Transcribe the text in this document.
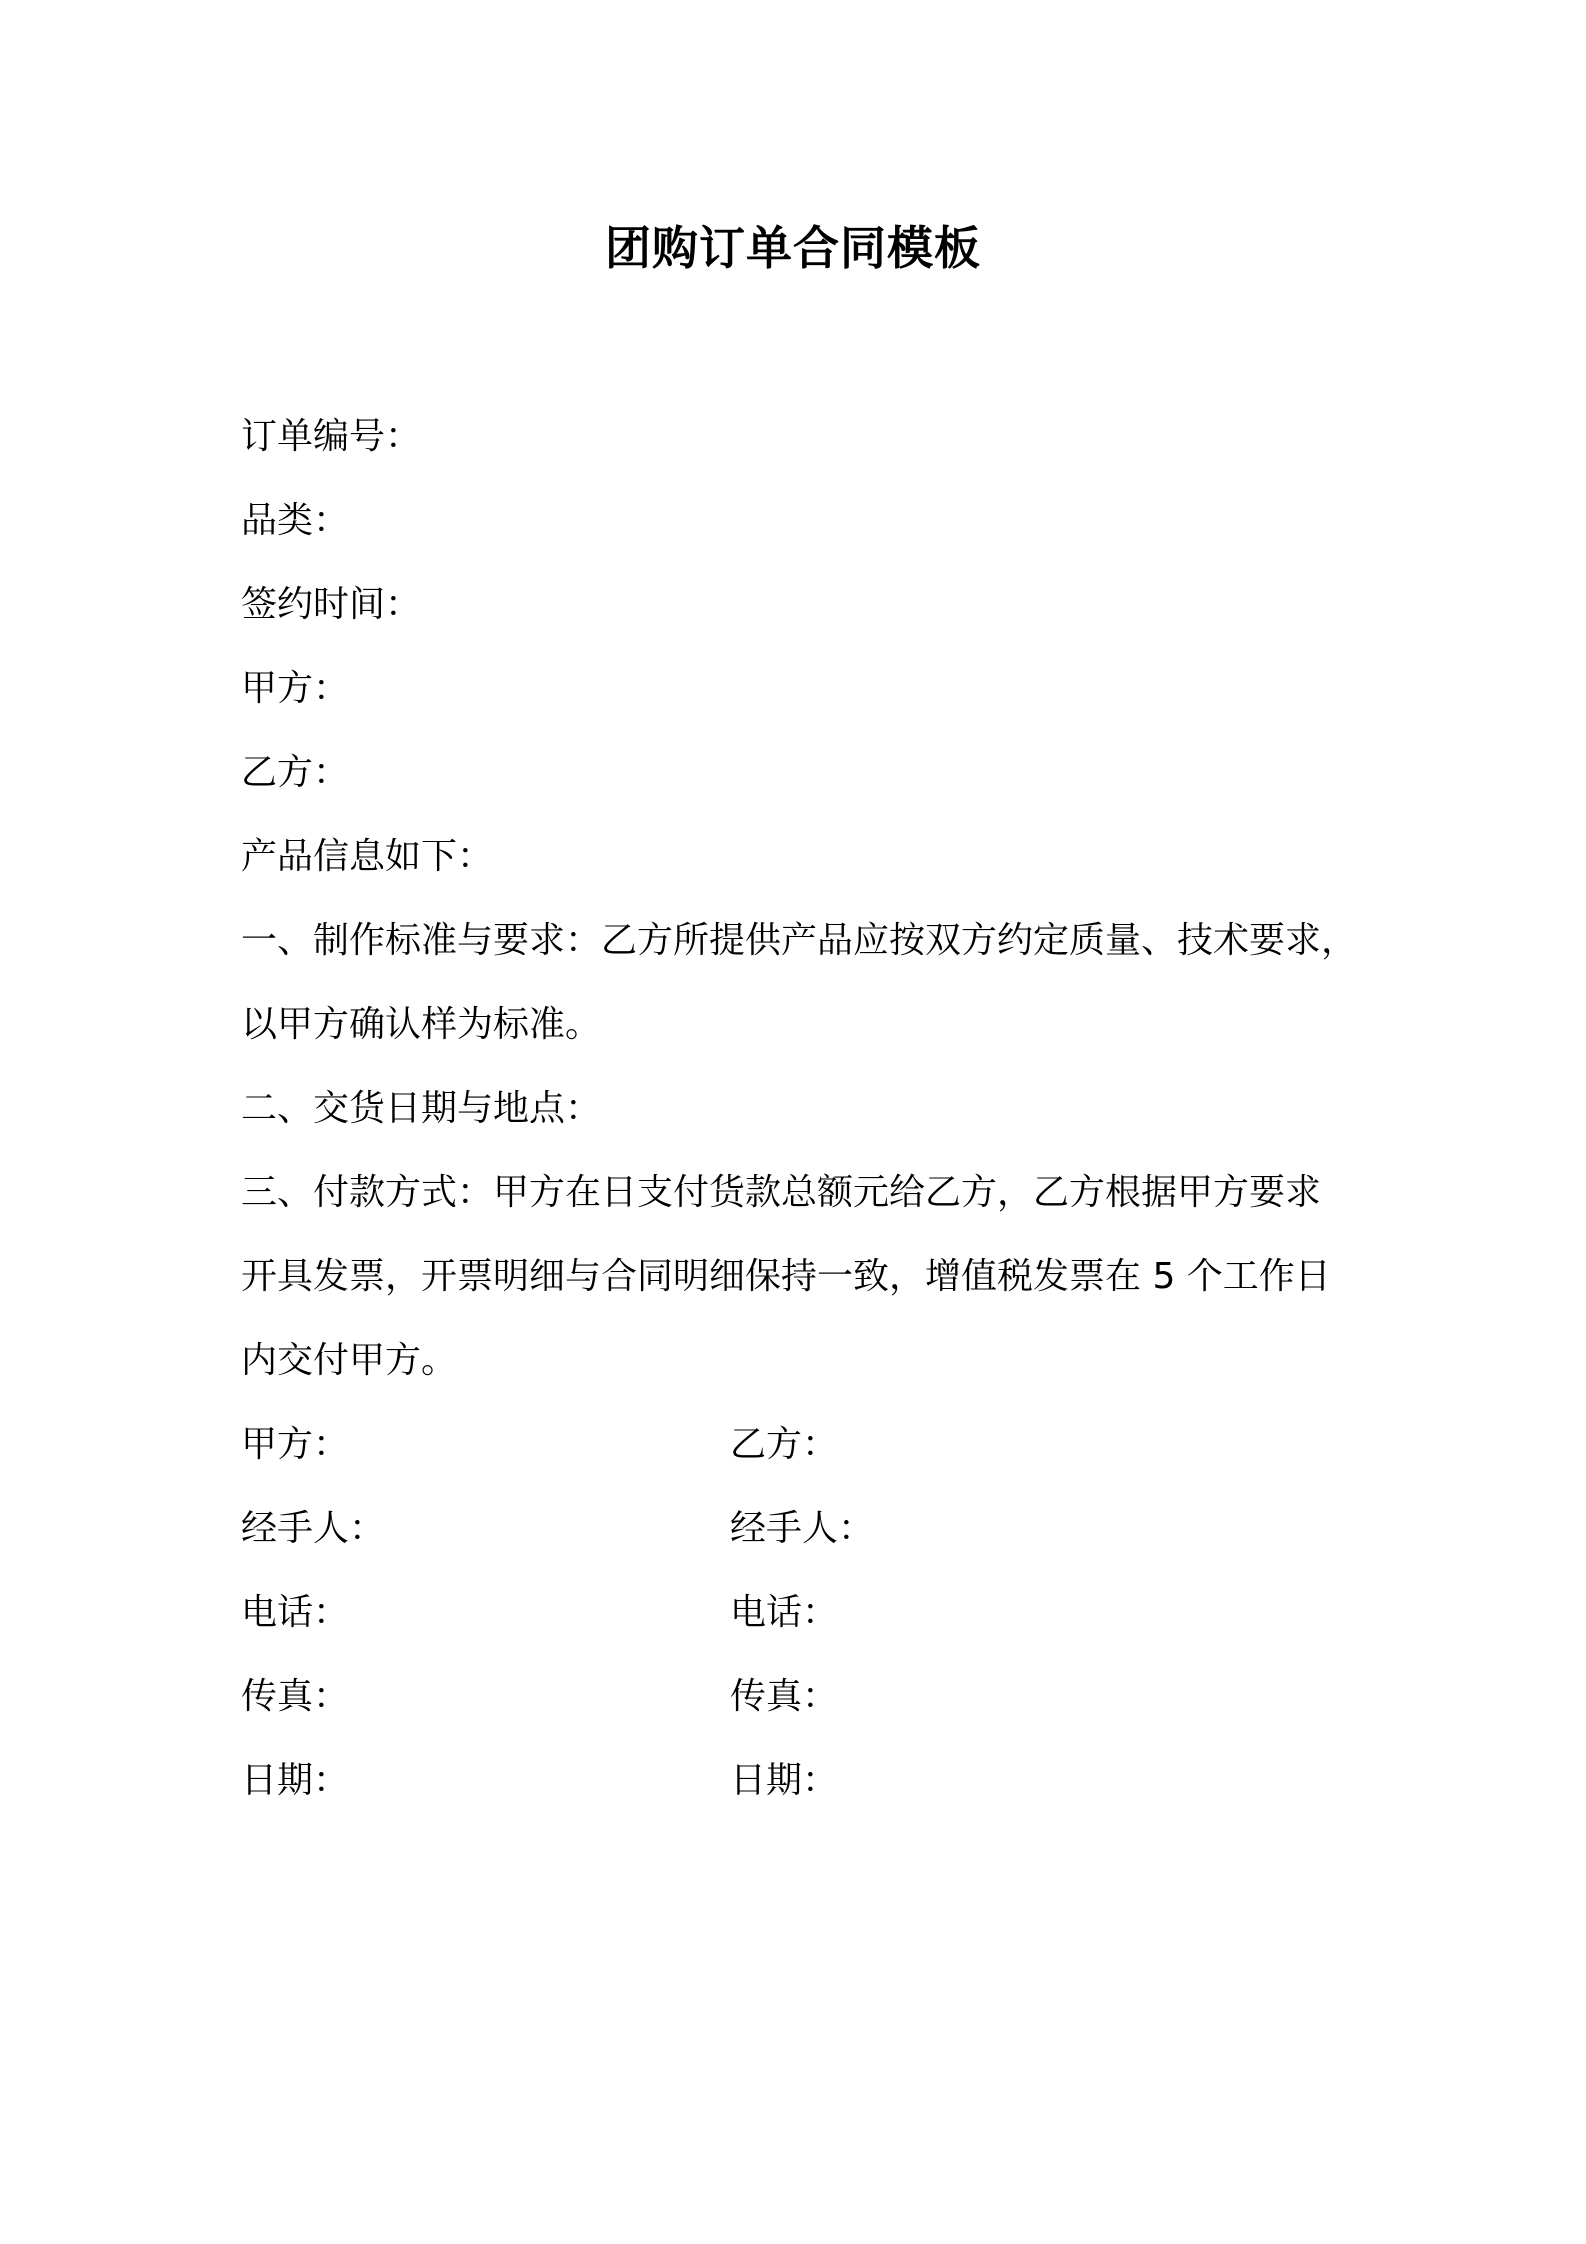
团购订单合同模板
订单编号：
品类：
签约时间：
甲方：
乙方：
产品信息如下：
一、制作标准与要求：乙方所提供产品应按双方约定质量、技术要求，
以甲方确认样为标准。
二、交货日期与地点：
三、付款方式：甲方在日支付货款总额元给乙方，乙方根据甲方要求
开具发票，开票明细与合同明细保持一致，增值税发票在 5 个工作日
内交付甲方。
甲方：	乙方：
经手人：	经手人：
电话：	电话：
传真：	传真：
日期：	日期：
